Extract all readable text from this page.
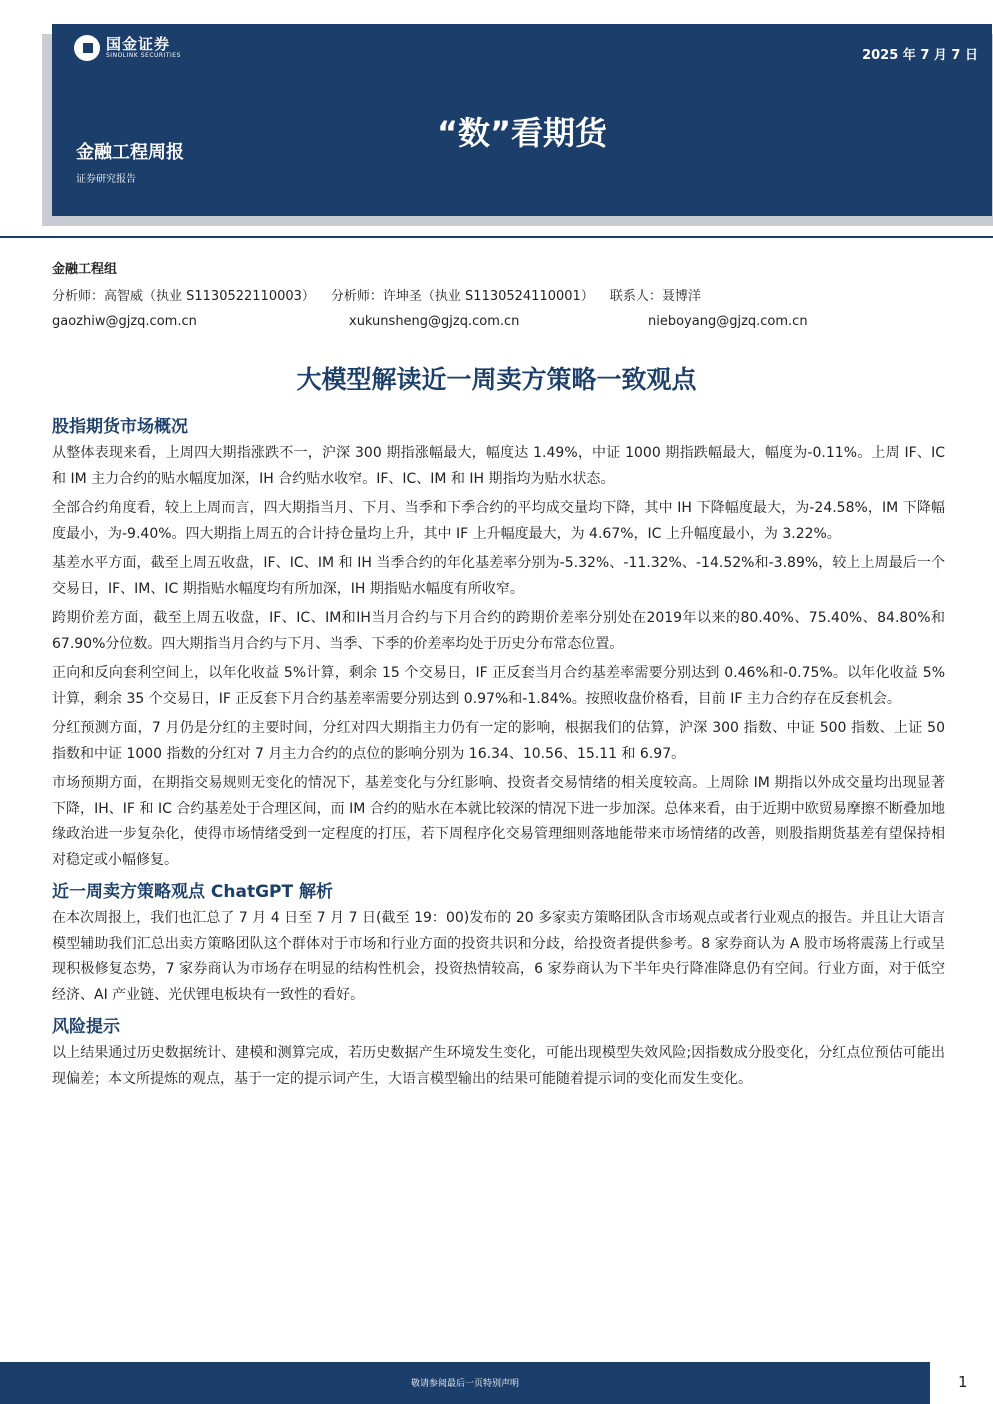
国金证券
SINOLINK SECURITIES	2025 年 7 月 7 日
“数”看期货
金融工程周报
证券研究报告
金融工程组
分析师：高智威（执业 S1130522110003） 分析师：许坤圣（执业 S1130524110001） 联系人：聂博洋
gaozhiw@gjzq.com.cn	xukunsheng@gjzq.com.cn	nieboyang@gjzq.com.cn
大模型解读近一周卖方策略一致观点
股指期货市场概况

从整体表现来看，上周四大期指涨跌不一，沪深 300 期指涨幅最大，幅度达 1.49%，中证 1000 期指跌幅最大，幅度为-0.11%。上周 IF、IC 和 IM 主力合约的贴水幅度加深，IH 合约贴水收窄。IF、IC、IM 和 IH 期指均为贴水状态。

全部合约角度看，较上上周而言，四大期指当月、下月、当季和下季合约的平均成交量均下降，其中 IH 下降幅度最大，为-24.58%，IM 下降幅度最小，为-9.40%。四大期指上周五的合计持仓量均上升，其中 IF 上升幅度最大，为 4.67%，IC 上升幅度最小，为 3.22%。

基差水平方面，截至上周五收盘，IF、IC、IM 和 IH 当季合约的年化基差率分别为-5.32%、-11.32%、-14.52%和-3.89%，较上上周最后一个交易日，IF、IM、IC 期指贴水幅度均有所加深，IH 期指贴水幅度有所收窄。

跨期价差方面，截至上周五收盘，IF、IC、IM和IH当月合约与下月合约的跨期价差率分别处在2019年以来的80.40%、75.40%、84.80%和 67.90%分位数。四大期指当月合约与下月、当季、下季的价差率均处于历史分布常态位置。

正向和反向套利空间上，以年化收益 5%计算，剩余 15 个交易日，IF 正反套当月合约基差率需要分别达到 0.46%和-0.75%。以年化收益 5%计算，剩余 35 个交易日，IF 正反套下月合约基差率需要分别达到 0.97%和-1.84%。按照收盘价格看，目前 IF 主力合约存在反套机会。

分红预测方面，7 月仍是分红的主要时间，分红对四大期指主力仍有一定的影响，根据我们的估算，沪深 300 指数、中证 500 指数、上证 50 指数和中证 1000 指数的分红对 7 月主力合约的点位的影响分别为 16.34、10.56、15.11 和 6.97。

市场预期方面，在期指交易规则无变化的情况下，基差变化与分红影响、投资者交易情绪的相关度较高。上周除 IM 期指以外成交量均出现显著下降，IH、IF 和 IC 合约基差处于合理区间，而 IM 合约的贴水在本就比较深的情况下进一步加深。总体来看，由于近期中欧贸易摩擦不断叠加地缘政治进一步复杂化，使得市场情绪受到一定程度的打压，若下周程序化交易管理细则落地能带来市场情绪的改善，则股指期货基差有望保持相对稳定或小幅修复。

近一周卖方策略观点 ChatGPT 解析

在本次周报上，我们也汇总了 7 月 4 日至 7 月 7 日(截至 19：00)发布的 20 多家卖方策略团队含市场观点或者行业观点的报告。并且让大语言模型辅助我们汇总出卖方策略团队这个群体对于市场和行业方面的投资共识和分歧，给投资者提供参考。8 家券商认为 A 股市场将震荡上行或呈现积极修复态势，7 家券商认为市场存在明显的结构性机会，投资热情较高，6 家券商认为下半年央行降准降息仍有空间。行业方面，对于低空经济、AI 产业链、光伏锂电板块有一致性的看好。

风险提示

以上结果通过历史数据统计、建模和测算完成，若历史数据产生环境发生变化，可能出现模型失效风险;因指数成分股变化，分红点位预估可能出现偏差；本文所提炼的观点，基于一定的提示词产生，大语言模型输出的结果可能随着提示词的变化而发生变化。

敬请参阅最后一页特别声明	1
